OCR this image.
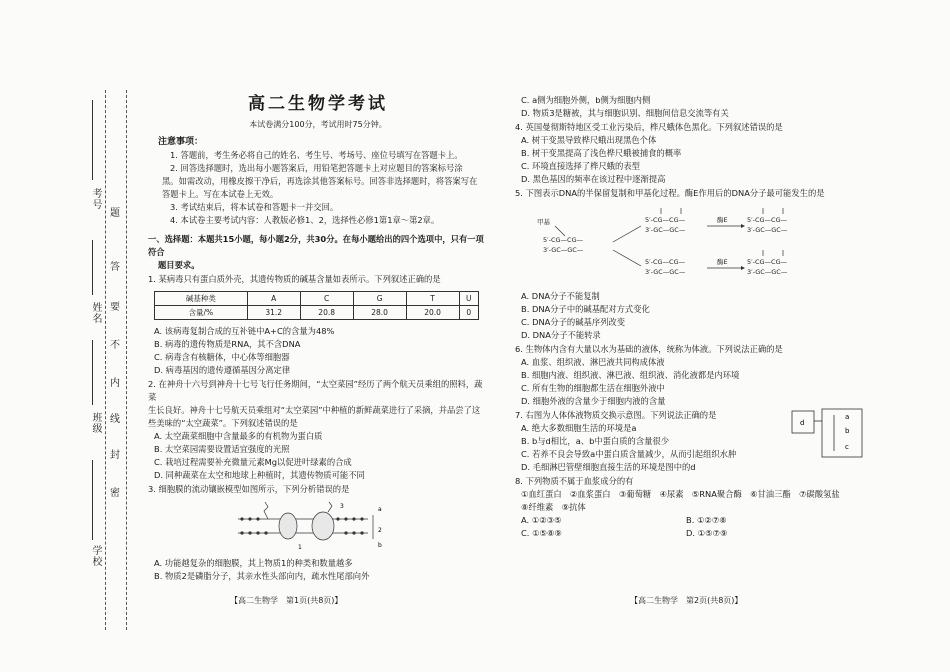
考号
姓名
班级
学校
题
答
要
不
内
线
封
密
高二生物学考试
本试卷满分100分，考试用时75分钟。
注意事项：
1. 答题前，考生务必将自己的姓名、考生号、考场号、座位号填写在答题卡上。
2. 回答选择题时，选出每小题答案后，用铅笔把答题卡上对应题目的答案标号涂
黑。如需改动，用橡皮擦干净后，再选涂其他答案标号。回答非选择题时，将答案写在
答题卡上。写在本试卷上无效。
3. 考试结束后，将本试卷和答题卡一并交回。
4. 本试卷主要考试内容：人教版必修1、2，选择性必修1第1章～第2章。
一、选择题：本题共15小题，每小题2分，共30分。在每小题给出的四个选项中，只有一项符合
题目要求。
1. 某病毒只有蛋白质外壳，其遗传物质的碱基含量如表所示。下列叙述正确的是
碱基种类	A	C	G	T	U
含量/%	31.2	20.8	28.0	20.0	0
A. 该病毒复制合成的互补链中A+C的含量为48%
B. 病毒的遗传物质是RNA，其不含DNA
C. 病毒含有核糖体，中心体等细胞器
D. 病毒基因的遗传遵循基因分离定律
2. 在神舟十六号到神舟十七号飞行任务期间，“太空菜园”经历了两个航天员乘组的照料，蔬菜
生长良好。神舟十七号航天员乘组对“太空菜园”中种植的新鲜蔬菜进行了采摘，并品尝了这
些美味的“太空蔬菜”。下列叙述错误的是
A. 太空蔬菜细胞中含量最多的有机物为蛋白质
B. 太空菜园需要设置适宜强度的光照
C. 栽培过程需要补充微量元素Mg以促进叶绿素的合成
D. 同种蔬菜在太空和地球上种植时，其遗传物质可能不同
3. 细胞膜的流动镶嵌模型如图所示，下列分析错误的是
1
2
3	a
b
A. 功能越复杂的细胞膜，其上物质1的种类和数量越多
B. 物质2是磷脂分子，其亲水性头部向内，疏水性尾部向外
C. a侧为细胞外侧，b侧为细胞内侧
D. 物质3是糖被，其与细胞识别、细胞间信息交流等有关
4. 英国曼彻斯特地区受工业污染后，桦尺蛾体色黑化。下列叙述错误的是
A. 树干变黑导致桦尺蛾出现黑色个体
B. 树干变黑提高了浅色桦尺蛾被捕食的概率
C. 环境直接选择了桦尺蛾的表型
D. 黑色基因的频率在该过程中逐渐提高
5. 下图表示DNA的半保留复制和甲基化过程。酶E作用后的DNA分子最可能发生的是
甲基
5′-CG—CG—
3′-GC—GC—
5′-CG—CG—
3′-GC—GC—
5′-CG—CG—
3′-GC—GC—
酶E
酶E
5′-CG—CG—
3′-GC—GC—
5′-CG—CG—
3′-GC—GC—
A. DNA分子不能复制
B. DNA分子中的碱基配对方式变化
C. DNA分子的碱基序列改变
D. DNA分子不能转录
6. 生物体内含有大量以水为基础的液体，统称为体液。下列说法正确的是
A. 血浆、组织液、淋巴液共同构成体液
B. 细胞内液、组织液、淋巴液、组织液、消化液都是内环境
C. 所有生物的细胞都生活在细胞外液中
D. 细胞外液的含量少于细胞内液的含量
7. 右图为人体体液物质交换示意图。下列说法正确的是
A. 绝大多数细胞生活的环境是a
B. b与d相比，a、b中蛋白质的含量很少
C. 若养不良会导致a中蛋白质含量减少，从而引起组织水肿
D. 毛细淋巴管壁细胞直接生活的环境是图中的d
d
a
b
c
8. 下列物质不属于血浆成分的有
①血红蛋白　②血浆蛋白　③葡萄糖　④尿素　⑤RNA聚合酶　⑥甘油三酯　⑦碳酸氢盐
⑧纤维素　⑨抗体
A. ①②③⑤	B. ①②⑦⑧
C. ①⑤⑧⑨	D. ①⑤⑦⑨
【高二生物学　第1页(共8页)】	【高二生物学　第2页(共8页)】
